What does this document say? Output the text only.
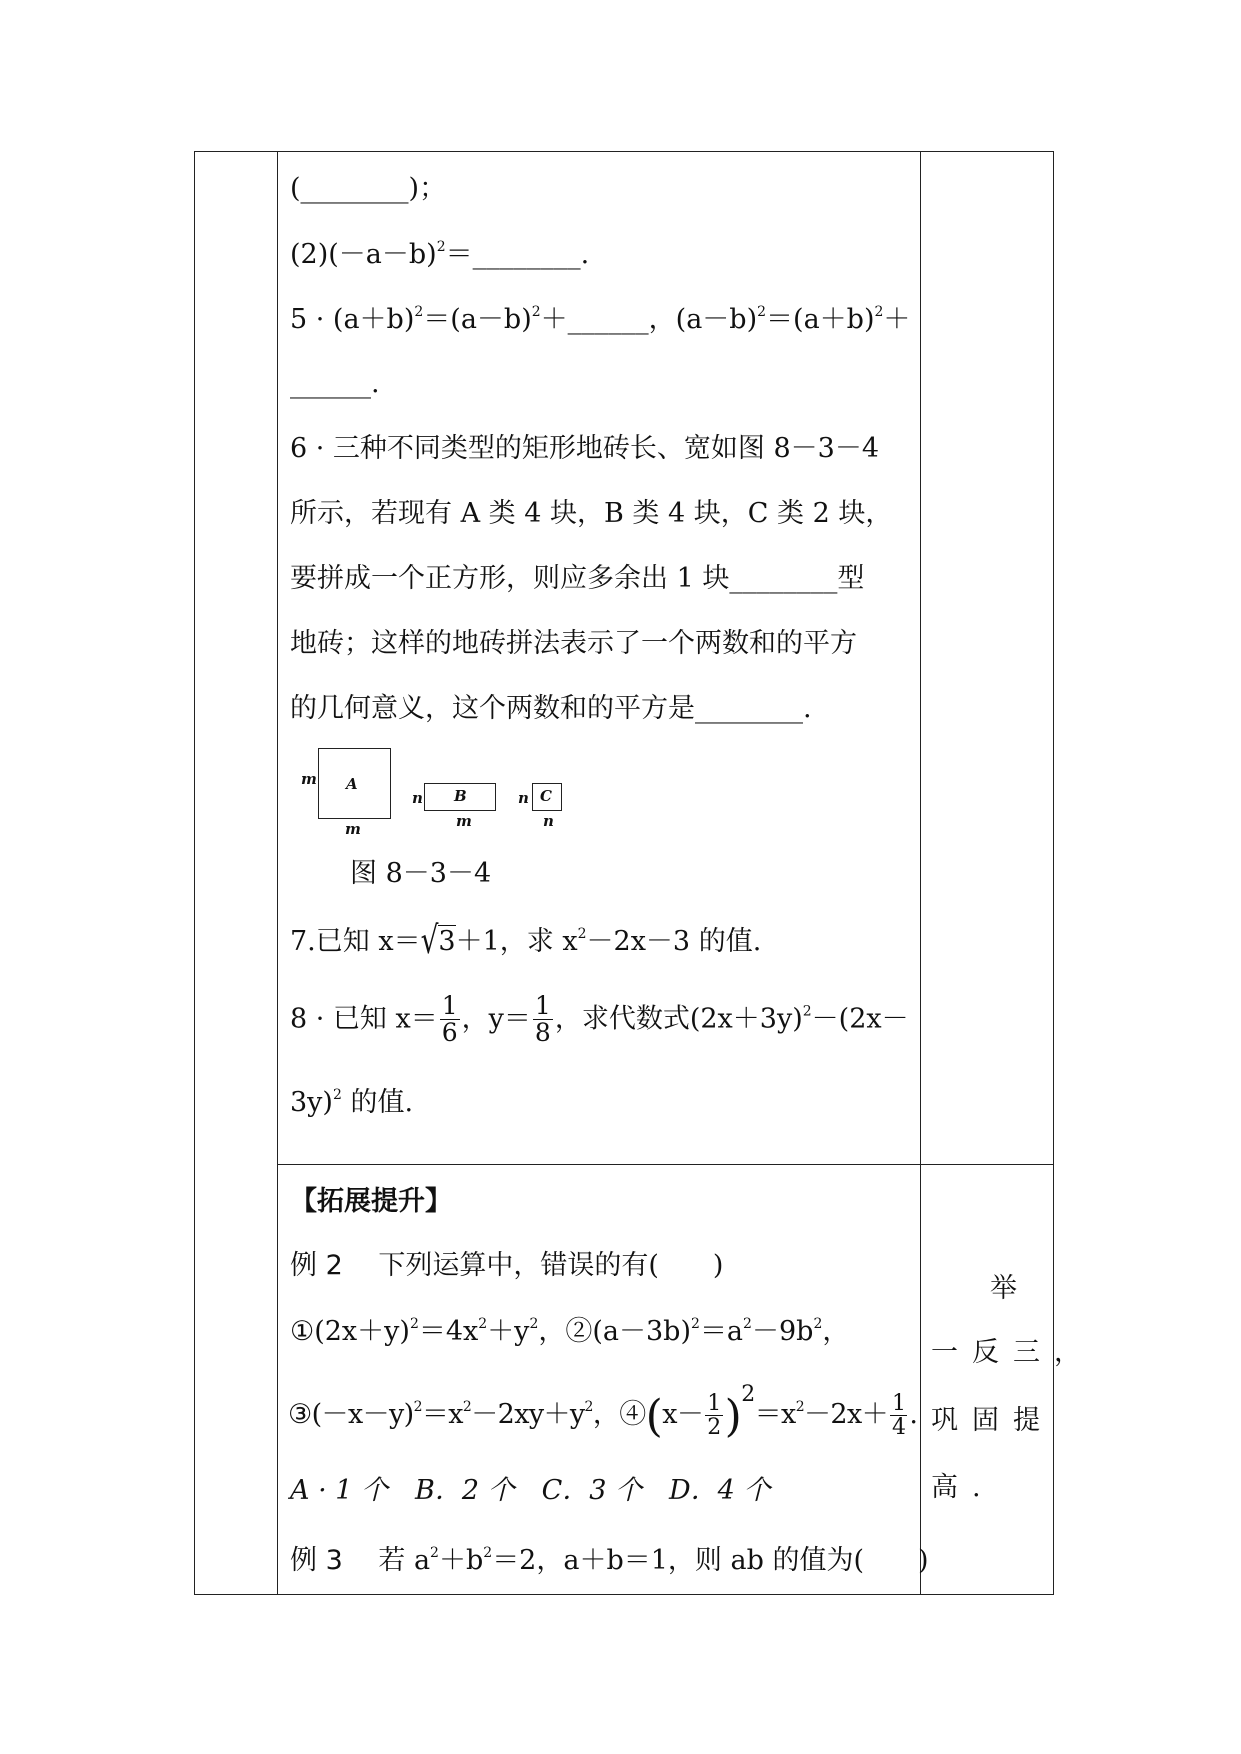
(________)；
$(2)(-a-b)^2=\_\_\_\_\_\_\_\_$.
$5 \cdot (a+b)^2=(a-b)^2+\_\_\_\_\_\_$，$(a-b)^2=(a+b)^2+$
______.
6 · 三种不同类型的矩形地砖长、宽如图 8－3－4
所示，若现有 A 类 4 块，B 类 4 块，C 类 2 块，
要拼成一个正方形，则应多余出 1 块________型
地砖；这样的地砖拼法表示了一个两数和的平方
的几何意义，这个两数和的平方是________.
A
m
m
B
n
m
C
n
n
图 8－3－4
7.已知 x＝√3＋1，求 $x^2-2x-3$ 的值.
8 · 已知 $x= \frac{1}{6}$ ，$y= \frac{1}{8}$ ，求代数式$(2x+3y)^2-(2x-$
3y)$^2$ 的值.
【拓展提升】
例 2　 下列运算中，错误的有(　　)
$①(2x+y)^2=4x^2+y^2$，$②(a-3b)^2=a^2-9b^2$，
$③(-x-y)^2=x^2-2xy+y^2$，④(x－ $\frac{1}{2} )^2=x^2-2x+ \frac{1}{4}$ .
A · 1 个　B．2 个　C．3 个　D．4 个
例 3　 若 $a^2+b^2=2$，a＋b＝1，则 ab 的值为(　　)
举
一反三，
巩固提
高.
